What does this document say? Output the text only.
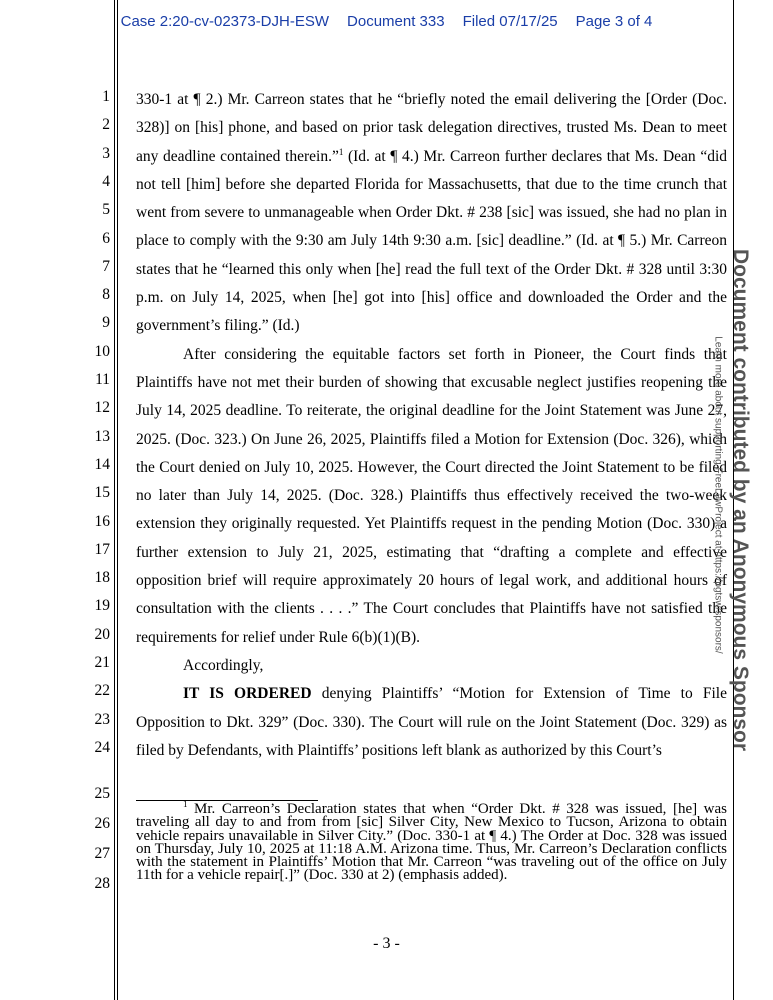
Case 2:20-cv-02373-DJH-ESW Document 333 Filed 07/17/25 Page 3 of 4
1
2
3
4
5
6
7
8
9
10
11
12
13
14
15
16
17
18
19
20
21
22
23
24
25
26
27
28

330-1 at ¶ 2.) Mr. Carreon states that he “briefly noted the email delivering the [Order (Doc. 328)] on [his] phone, and based on prior task delegation directives, trusted Ms. Dean to meet any deadline contained therein.”$^1$ (Id. at ¶ 4.) Mr. Carreon further declares that Ms. Dean “did not tell [him] before she departed Florida for Massachusetts, that due to the time crunch that went from severe to unmanageable when Order Dkt. # 238 [sic] was issued, she had no plan in place to comply with the 9:30 am July 14th 9:30 a.m. [sic] deadline.” (Id. at ¶ 5.) Mr. Carreon states that he “learned this only when [he] read the full text of the Order Dkt. # 328 until 3:30 p.m. on July 14, 2025, when [he] got into [his] office and downloaded the Order and the government’s filing.” (Id.)

After considering the equitable factors set forth in Pioneer, the Court finds that Plaintiffs have not met their burden of showing that excusable neglect justifies reopening the July 14, 2025 deadline. To reiterate, the original deadline for the Joint Statement was June 27, 2025. (Doc. 323.) On June 26, 2025, Plaintiffs filed a Motion for Extension (Doc. 326), which the Court denied on July 10, 2025. However, the Court directed the Joint Statement to be filed no later than July 14, 2025. (Doc. 328.) Plaintiffs thus effectively received the two-week extension they originally requested. Yet Plaintiffs request in the pending Motion (Doc. 330) a further extension to July 21, 2025, estimating that “drafting a complete and effective opposition brief will require approximately 20 hours of legal work, and additional hours of consultation with the clients . . . .” The Court concludes that Plaintiffs have not satisfied the requirements for relief under Rule 6(b)(1)(B).

Accordingly,

IT IS ORDERED denying Plaintiffs’ “Motion for Extension of Time to File Opposition to Dkt. 329” (Doc. 330). The Court will rule on the Joint Statement (Doc. 329) as filed by Defendants, with Plaintiffs’ positions left blank as authorized by this Court’s

$^1$ Mr. Carreon’s Declaration states that when “Order Dkt. # 328 was issued, [he] was traveling all day to and from from [sic] Silver City, New Mexico to Tucson, Arizona to obtain vehicle repairs unavailable in Silver City.” (Doc. 330-1 at ¶ 4.) The Order at Doc. 328 was issued on Thursday, July 10, 2025 at 11:18 A.M. Arizona time. Thus, Mr. Carreon’s Declaration conflicts with the statement in Plaintiffs’ Motion that Mr. Carreon “was traveling out of the office on July 11th for a vehicle repair[.]” (Doc. 330 at 2) (emphasis added).

- 3 -
Document contributed by an Anonymous Sponsor
Learn more about supporting FreeLawProject at https://pgtsw/sponsors/
